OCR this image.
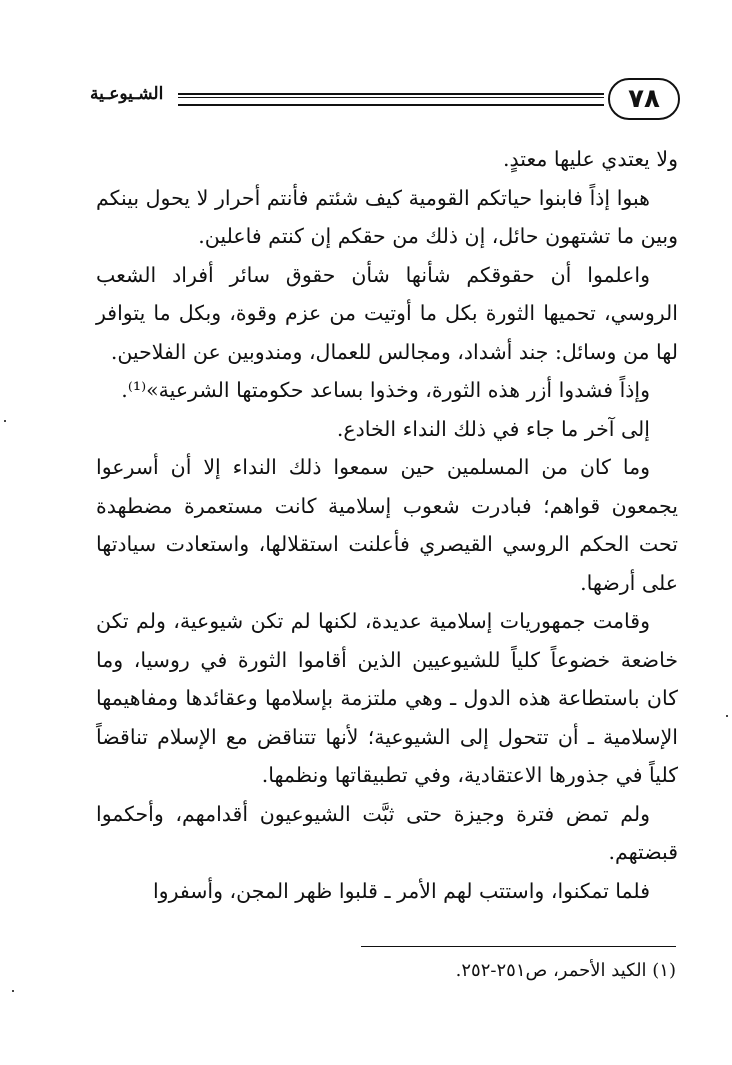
٧٨
الشـيوعـية

ولا يعتدي عليها معتدٍ.

هبوا إذاً فابنوا حياتكم القومية كيف شئتم فأنتم أحرار لا يحول بينكم وبين ما تشتهون حائل، إن ذلك من حقكم إن كنتم فاعلين.

واعلموا أن حقوقكم شأنها شأن حقوق سائر أفراد الشعب الروسي، تحميها الثورة بكل ما أوتيت من عزم وقوة، وبكل ما يتوافر لها من وسائل: جند أشداد، ومجالس للعمال، ومندوبين عن الفلاحين.

وإذاً فشدوا أزر هذه الثورة، وخذوا بساعد حكومتها الشرعية»⁽¹⁾.

إلى آخر ما جاء في ذلك النداء الخادع.

وما كان من المسلمين حين سمعوا ذلك النداء إلا أن أسرعوا يجمعون قواهم؛ فبادرت شعوب إسلامية كانت مستعمرة مضطهدة تحت الحكم الروسي القيصري فأعلنت استقلالها، واستعادت سيادتها على أرضها.

وقامت جمهوريات إسلامية عديدة، لكنها لم تكن شيوعية، ولم تكن خاضعة خضوعاً كلياً للشيوعيين الذين أقاموا الثورة في روسيا، وما كان باستطاعة هذه الدول ـ وهي ملتزمة بإسلامها وعقائدها ومفاهيمها الإسلامية ـ أن تتحول إلى الشيوعية؛ لأنها تتناقض مع الإسلام تناقضاً كلياً في جذورها الاعتقادية، وفي تطبيقاتها ونظمها.

ولم تمض فترة وجيزة حتى ثبَّت الشيوعيون أقدامهم، وأحكموا قبضتهم.

فلما تمكنوا، واستتب لهم الأمر ـ قلبوا ظهر المجن، وأسفروا

(١) الكيد الأحمر، ص٢٥١-٢٥٢.
